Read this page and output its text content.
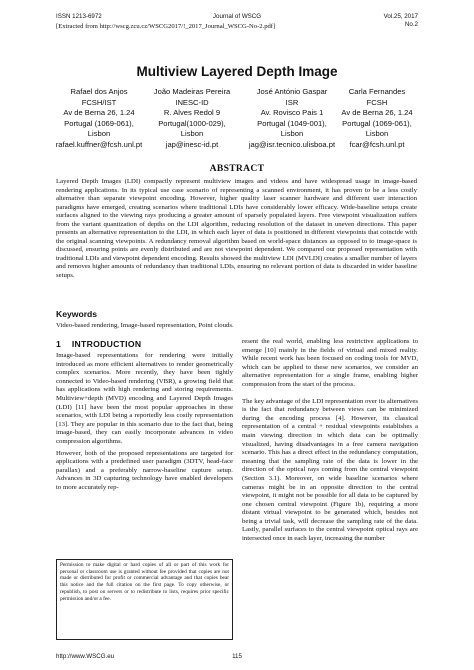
ISSN 1213-6972	Journal of WSCG	Vol.25, 2017
No.2
[Extracted from http://wscg.zcu.cz/WSCG2017/!_2017_Journal_WSCG-No-2.pdf]
Multiview Layered Depth Image
Rafael dos Anjos
FCSH/IST
Av de Berna 26, 1.24
Portugal (1069-061),
Lisbon
rafael.kuffner@fcsh.unl.pt
João Madeiras Pereira
INESC-ID
R. Alves Redol 9
Portugal(1000-029),
Lisbon
jap@inesc-id.pt
José António Gaspar
ISR
Av. Rovisco Pais 1
Portugal (1049-001),
Lisbon
jag@isr.tecnico.ulisboa.pt
Carla Fernandes
FCSH
Av de Berna 26, 1.24
Portugal (1069-061),
Lisbon
fcar@fcsh.unl.pt
ABSTRACT
Layered Depth Images (LDI) compactly represent multiview images and videos and have widespread usage in image-based rendering applications. In its typical use case scenario of representing a scanned environment, it has proven to be a less costly alternative than separate viewpoint encoding. However, higher quality laser scanner hardware and different user interaction paradigms have emerged, creating scenarios where traditional LDIs have considerably lower efficacy. Wide-baseline setups create surfaces aligned to the viewing rays producing a greater amount of sparsely populated layers. Free viewpoint visualization suffers from the variant quantization of depths on the LDI algorithm, reducing resolution of the dataset in uneven directions. This paper presents an alternative representation to the LDI, in which each layer of data is positioned in different viewpoints that coincide with the original scanning viewpoints. A redundancy removal algorithm based on world-space distances as opposed to to image-space is discussed, ensuring points are evenly distributed and are not viewpoint dependent. We compared our proposed representation with traditional LDIs and viewpoint dependent encoding. Results showed the multiview LDI (MVLDI) creates a smaller number of layers and removes higher amounts of redundancy than traditional LDIs, ensuring no relevant portion of data is discarded in wider baseline setups.
Keywords
Video-based rendering, Image-based representation, Point clouds.
1 INTRODUCTION

Image-based representations for rendering were initially introduced as more efficient alternatives to render geometrically complex scenarios. More recently, they have been tightly connected to Video-based rendering (VBR), a growing field that has applications with high rendering and storing requirements. Multiview+depth (MVD) encoding and Layered Depth Images (LDI) [11] have been the most popular approaches in these scenarios, with LDI being a reportedly less costly representation [13]. They are popular in this scenario due to the fact that, being image-based, they can easily incorporate advances in video compression algorithms.

However, both of the proposed representations are targeted for applications with a predefined user paradigm (3DTV, head-face parallax) and a preferably narrow-baseline capture setup. Advances in 3D capturing technology have enabled developers to more accurately rep-

resent the real world, enabling less restrictive applications to emerge [10] mainly in the fields of virtual and mixed reality. While recent work has been focused on coding tools for MVD, which can be applied to these new scenarios, we consider an alternative representation for a single frame, enabling higher compression from the start of the process.

The key advantage of the LDI representation over its alternatives is the fact that redundancy between views can be minimized during the encoding process [4]. However, its classical representation of a central + residual viewpoints establishes a main viewing direction in which data can be optimally visualized, having disadvantages in a free camera navigation scenario. This has a direct effect in the redundancy computation, meaning that the sampling rate of the data is lower in the direction of the optical rays coming from the central viewpoint (Section 3.1). Moreover, on wide baseline scenarios where cameras might be in an opposite direction to the central viewpoint, it might not be possible for all data to be captured by one chosen central viewpoint (Figure 1b), requiring a more distant virtual viewpoint to be generated which, besides not being a trivial task, will decrease the sampling rate of the data. Lastly, parallel surfaces to the central viewpoint optical rays are intersected once in each layer, increasing the number

Permission to make digital or hard copies of all or part of this work for personal or classroom use is granted without fee provided that copies are not made or distributed for profit or commercial advantage and that copies bear this notice and the full citation on the first page. To copy otherwise, or republish, to post on servers or to redistribute to lists, requires prior specific permission and/or a fee.
http://www.WSCG.eu	115
